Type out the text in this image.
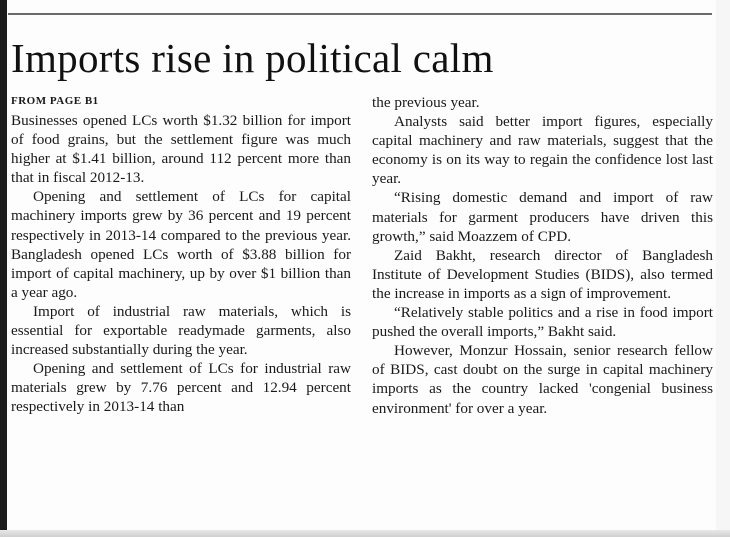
Imports rise in political calm
FROM PAGE B1

Businesses opened LCs worth $1.32 billion for import of food grains, but the settlement figure was much higher at $1.41 billion, around 112 percent more than that in fiscal 2012-13.

Opening and settlement of LCs for capital machinery imports grew by 36 percent and 19 percent respectively in 2013-14 compared to the previous year. Bangladesh opened LCs worth of $3.88 billion for import of capital machinery, up by over $1 billion than a year ago.

Import of industrial raw materials, which is essential for exportable readymade garments, also increased substantially during the year.

Opening and settlement of LCs for industrial raw materials grew by 7.76 percent and 12.94 percent respectively in 2013-14 than

the previous year.

Analysts said better import figures, especially capital machinery and raw materials, suggest that the economy is on its way to regain the confidence lost last year.

“Rising domestic demand and import of raw materials for garment producers have driven this growth,” said Moazzem of CPD.

Zaid Bakht, research director of Bangladesh Institute of Development Studies (BIDS), also termed the increase in imports as a sign of improvement.

“Relatively stable politics and a rise in food import pushed the overall imports,” Bakht said.

However, Monzur Hossain, senior research fellow of BIDS, cast doubt on the surge in capital machinery imports as the country lacked 'congenial business environment' for over a year.
